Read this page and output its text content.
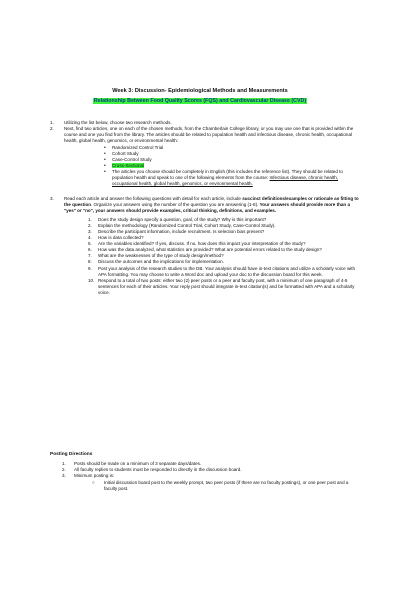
Week 3: Discussion- Epidemiological Methods and Measurements
Relationship Between Food Quality Scores (FQS) and Cardiovascular Disease (CVD)
1. Utilizing the list below, choose two research methods.
2. Next, find two articles, one on each of the chosen methods, from the Chamberlain College library, or you may use one that is provided within the course and one you find from the library. The articles should be related to population health and infectious disease, chronic health, occupational health, global health, genomics, or environmental health:
• Randomized Control Trial
• Cohort Study
• Case-Control Study
• Cross-Sectional
• The articles you choose should be completely in English (this includes the reference list). They should be related to population health and speak to one of the following elements from the course: Infectious disease, chronic health, occupational health, global health, genomics, or environmental health.
3. Read each article and answer the following questions with detail for each article, include succinct definitions/examples or rationale as fitting to the question. Organize your answers using the number of the question you are answering (1-8). Your answers should provide more than a "yes" or "no", your answers should provide examples, critical thinking, definitions, and examples.
1. Does the study design specify a question, goal, of the study? Why is this important?
2. Explain the methodology (Randomized Control Trial, Cohort Study, Case-Control Study).
3. Describe the participant information, include recruitment. Is selection bias present?
4. How is data collected?
5. Are the variables identified? If yes, discuss. If no, how does this impact your interpretation of the study?
6. How was the data analyzed, what statistics are provided? What are potential errors related to the study design?
7. What are the weaknesses of the type of study design/method?
8. Discuss the outcomes and the implications for implementation.
9. Post your analysis of the research studies to the DB. Your analysis should have in-text citations and utilize a scholarly voice with APA formatting. You may choose to write a Word doc and upload your doc to the discussion board for this week.
10. Respond to a total of two posts: either two (2) peer posts or a peer and faculty post, with a minimum of one paragraph of 4-5 sentences for each of their articles. Your reply post should integrate in-text citation(s) and be formatted with APA and a scholarly voice.
Posting Directions
1. Posts should be made on a minimum of 3 separate days/dates.
2. All faculty replies to students must be responded to directly in the discussion board.
3. Minimum posting is:
○ Initial discussion board post to the weekly prompt, two peer posts (if there are no faculty postings), or one peer post and a faculty post.
